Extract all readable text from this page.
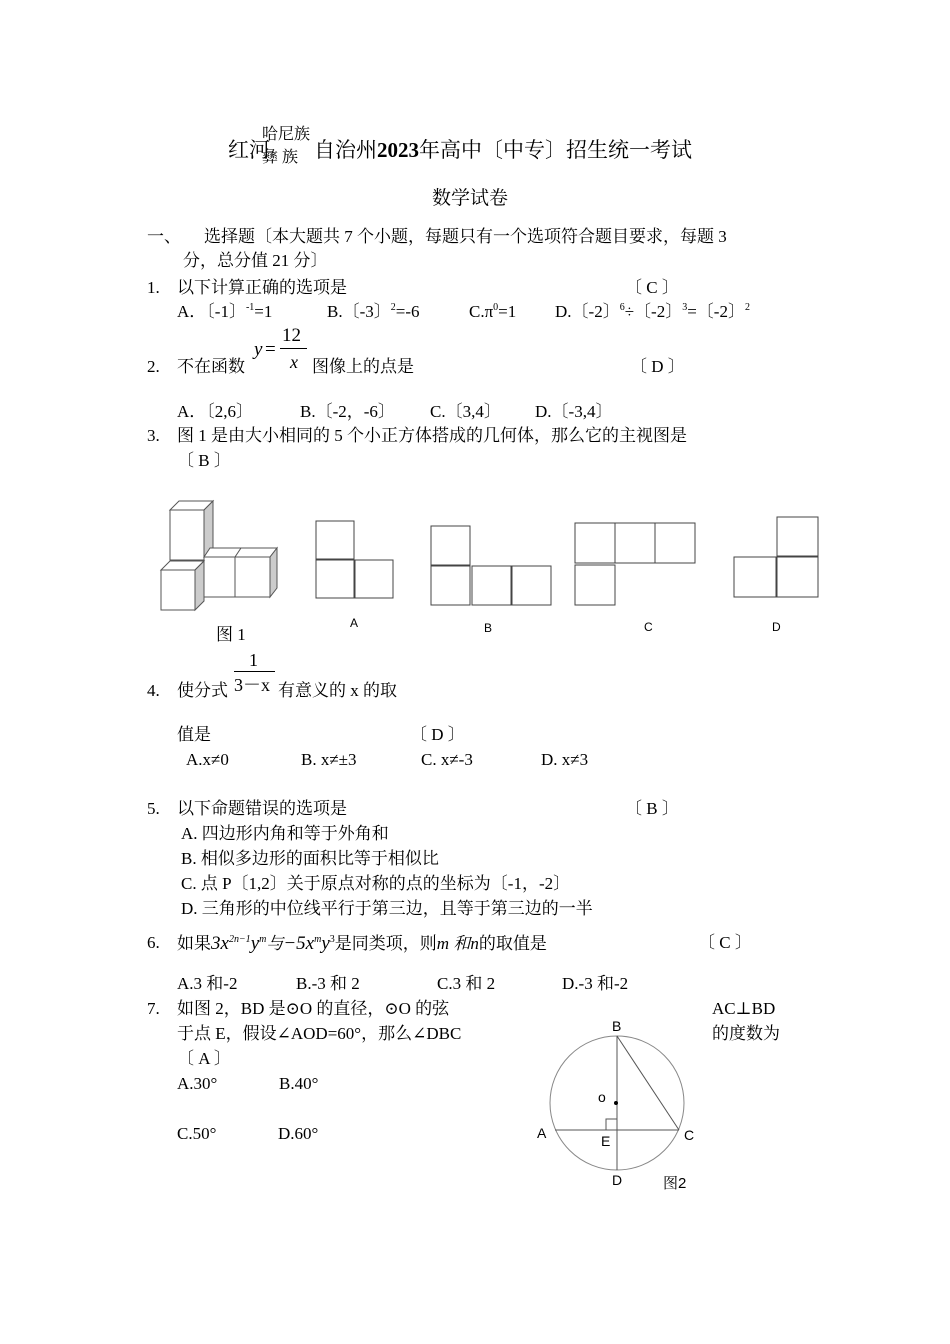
红河
哈尼族
彝 族 自治州2023年高中〔中专〕招生统一考试
数学试卷
一、 选择题〔本大题共 7 个小题，每题只有一个选项符合题目要求，每题 3
分，总分值 21 分〕
1. 以下计算正确的选项是	〔 C 〕
A．〔-1〕$^{-1}$=1	B.〔-3〕$^2$=-6	$C.\pi^0=1$ D.〔-2〕$^6$÷〔-2〕$^3$=〔-2〕$^2$
2. 不在函数
y =
12
x 图像上的点是	〔 D 〕
A．〔2,6〕	B.〔-2，-6〕 C.〔3,4〕 D.〔-3,4〕
3. 图 1 是由大小相同的 5 个小正方体搭成的几何体，那么它的主视图是
〔 B 〕
图 1
A	B	C	D
4. 使分式
1
3－x 有意义的 x 的取
值是	〔 D 〕
A.x≠0	B. x≠±3	C. x≠-3	D. x≠3
5. 以下命题错误的选项是	〔 B 〕
A. 四边形内角和等于外角和
B. 相似多边形的面积比等于相似比
C. 点 P〔1,2〕关于原点对称的点的坐标为〔-1，-2〕
D. 三角形的中位线平行于第三边，且等于第三边的一半
6. 如果$3x^{2n-1}y^m$与$-5x^my^3$是同类项，则m 和n的取值是	〔 C 〕
A.3 和-2	B.-3 和 2	C.3 和 2	D.-3 和-2
7. 如图 2，BD 是⊙O 的直径，⊙O 的弦	AC⊥BD
于点 E，假设∠AOD=60°，那么∠DBC	的度数为
〔 A 〕
A.30°	B.40°
C.50°	D.60°
B
o
A	E	C
D	图2
